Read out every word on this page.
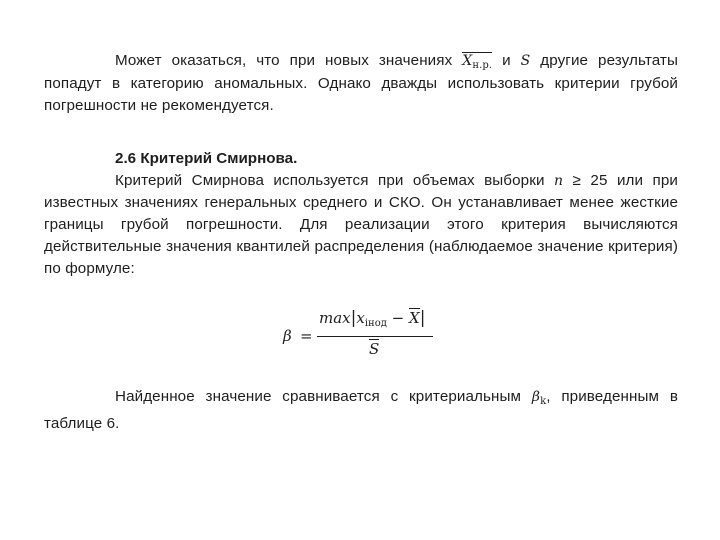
Может оказаться, что при новых значениях $X_{н.р.}$ и S другие результаты попадут в категорию аномальных. Однако дважды использовать критерии грубой погрешности не рекомендуется.
2.6 Критерий Смирнова.
Критерий Смирнова используется при объемах выборки n ≥ 25 или при известных значениях генеральных среднего и СКО. Он устанавливает менее жесткие границы грубой погрешности. Для реализации этого критерия вычисляются действительные значения квантилей распределения (наблюдаемое значение критерия) по формуле:
β =
$\max|x_{iнод} - X|$
S
Найденное значение сравнивается с критериальным $\beta_k$, приведенным в таблице 6.
